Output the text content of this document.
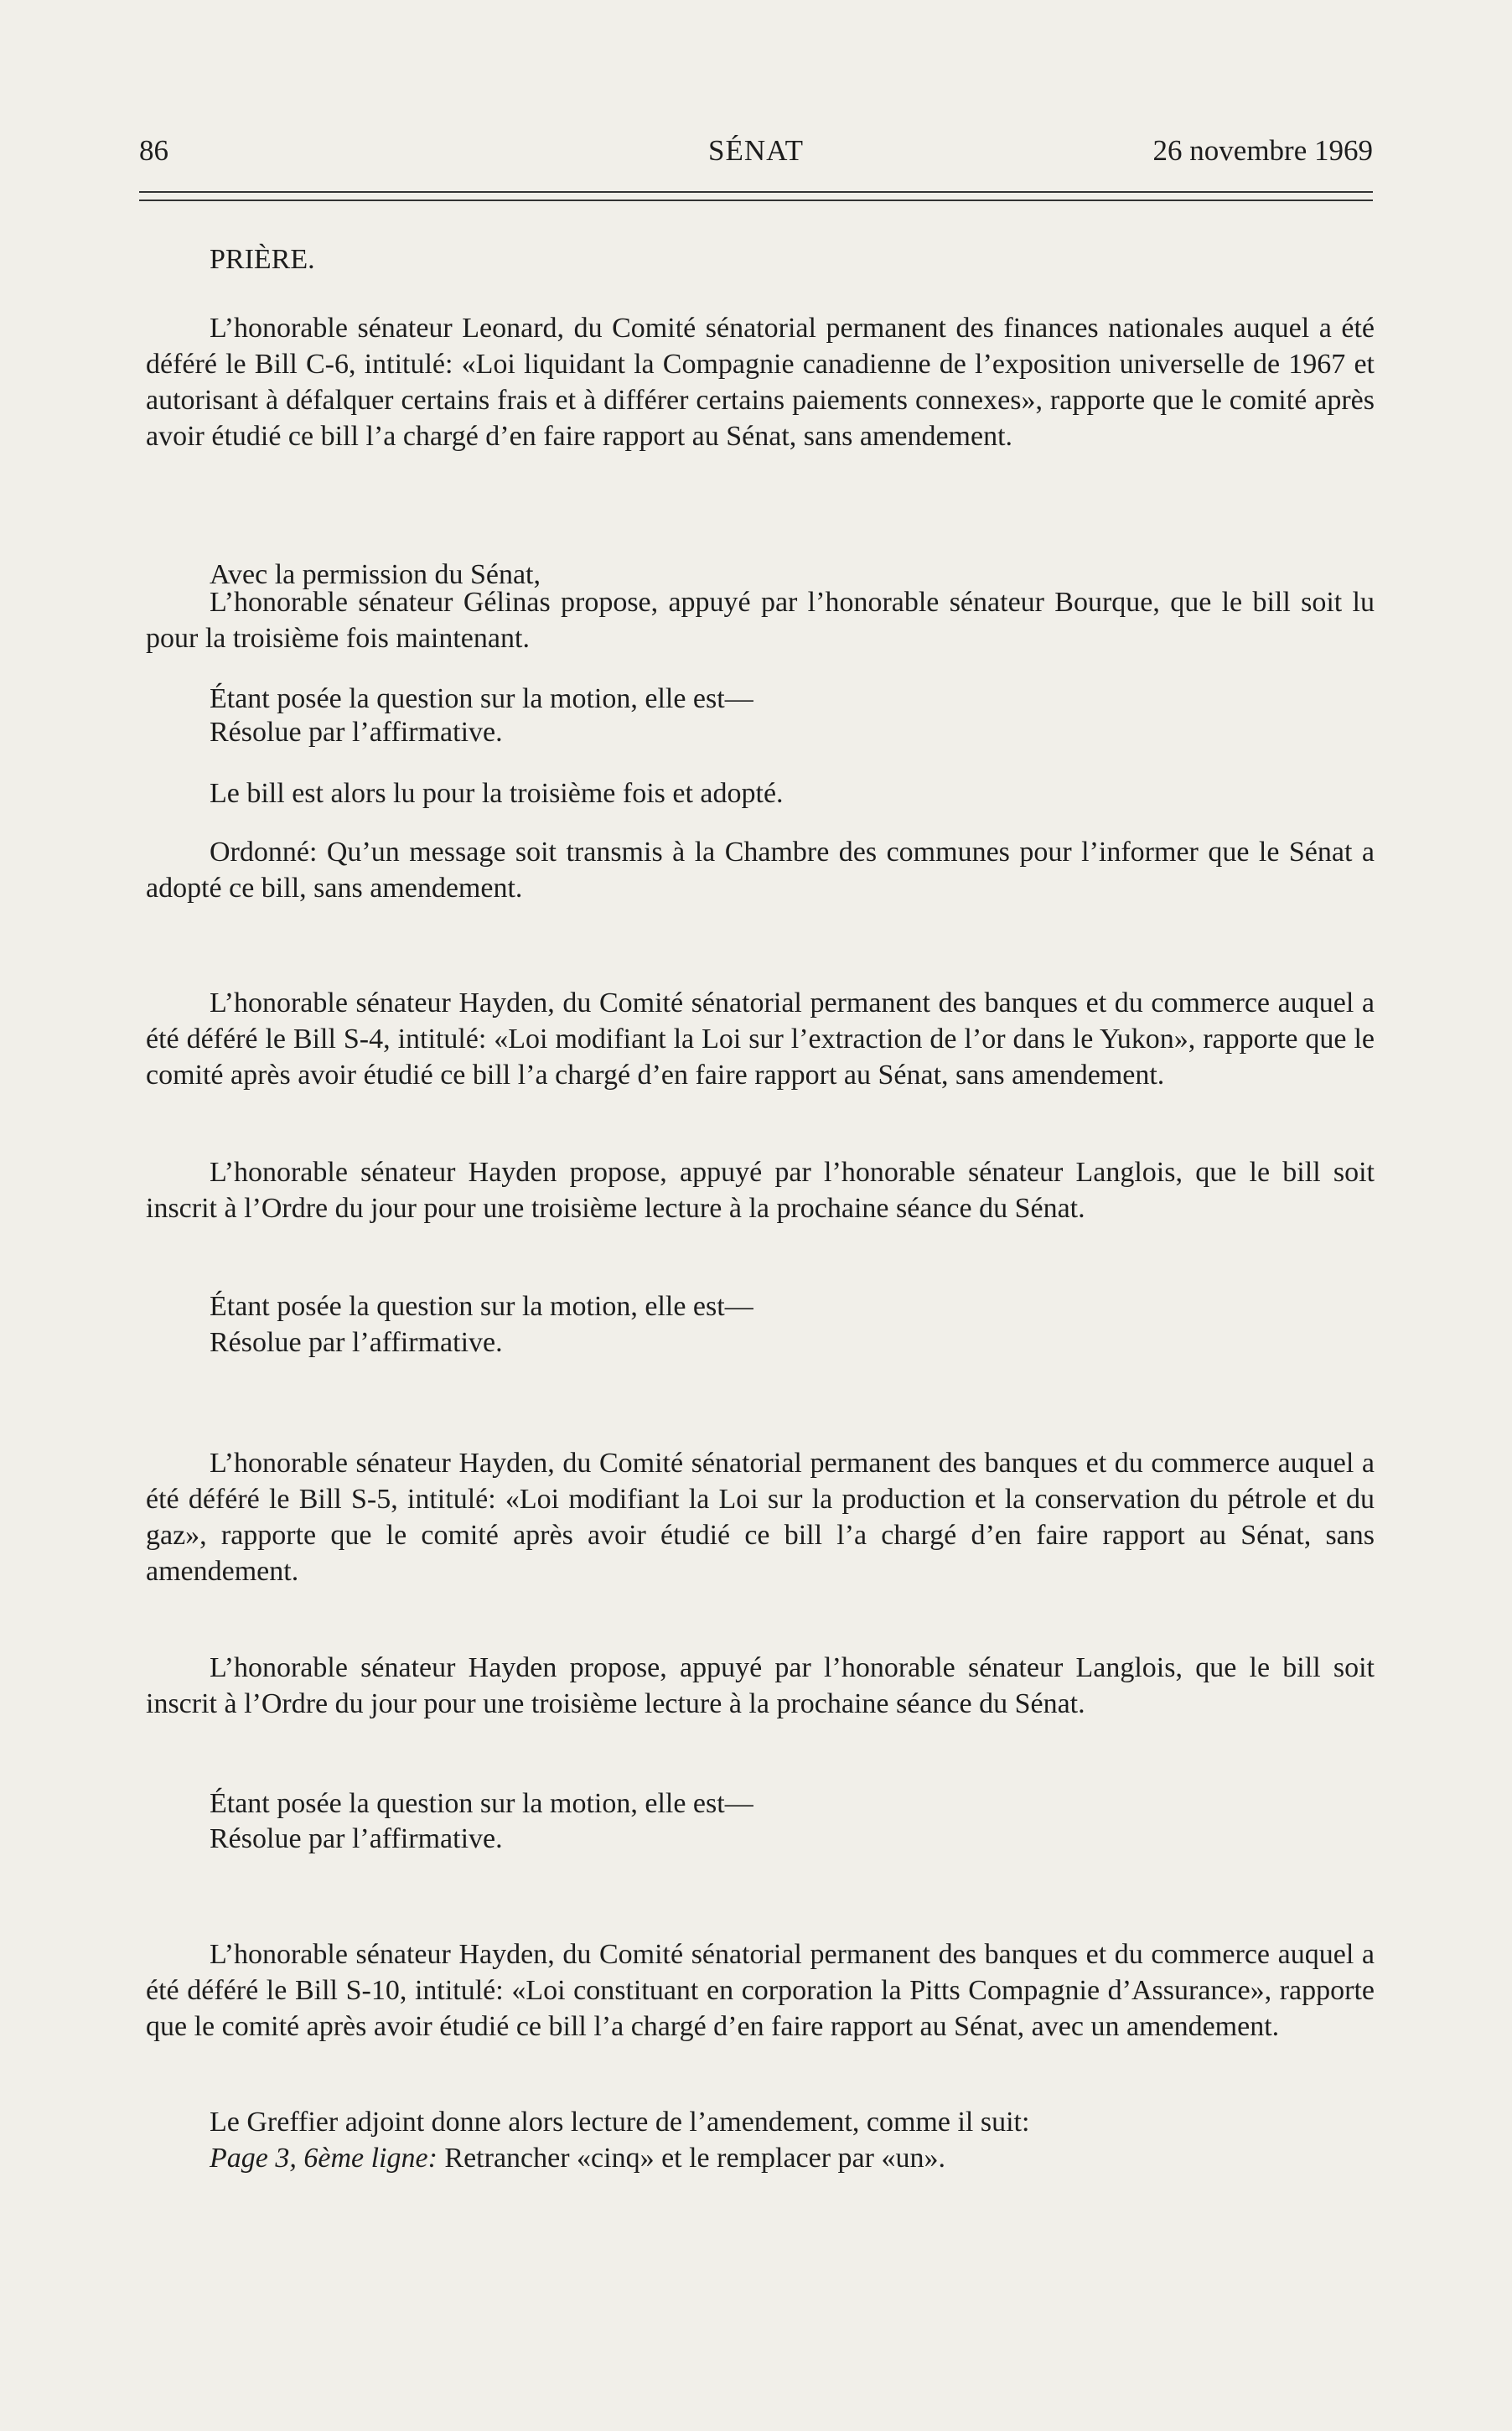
86	SÉNAT	26 novembre 1969
PRIÈRE.
L’honorable sénateur Leonard, du Comité sénatorial permanent des finances nationales auquel a été déféré le Bill C-6, intitulé: «Loi liquidant la Compagnie canadienne de l’exposition universelle de 1967 et autorisant à défalquer certains frais et à différer certains paiements connexes», rapporte que le comité après avoir étudié ce bill l’a chargé d’en faire rapport au Sénat, sans amendement.
Avec la permission du Sénat,
L’honorable sénateur Gélinas propose, appuyé par l’honorable sénateur Bourque, que le bill soit lu pour la troisième fois maintenant.
Étant posée la question sur la motion, elle est—
Résolue par l’affirmative.
Le bill est alors lu pour la troisième fois et adopté.
Ordonné: Qu’un message soit transmis à la Chambre des communes pour l’informer que le Sénat a adopté ce bill, sans amendement.
L’honorable sénateur Hayden, du Comité sénatorial permanent des banques et du commerce auquel a été déféré le Bill S-4, intitulé: «Loi modifiant la Loi sur l’extraction de l’or dans le Yukon», rapporte que le comité après avoir étudié ce bill l’a chargé d’en faire rapport au Sénat, sans amendement.
L’honorable sénateur Hayden propose, appuyé par l’honorable sénateur Langlois, que le bill soit inscrit à l’Ordre du jour pour une troisième lecture à la prochaine séance du Sénat.
Étant posée la question sur la motion, elle est—
Résolue par l’affirmative.
L’honorable sénateur Hayden, du Comité sénatorial permanent des banques et du commerce auquel a été déféré le Bill S-5, intitulé: «Loi modifiant la Loi sur la production et la conservation du pétrole et du gaz», rapporte que le comité après avoir étudié ce bill l’a chargé d’en faire rapport au Sénat, sans amendement.
L’honorable sénateur Hayden propose, appuyé par l’honorable sénateur Langlois, que le bill soit inscrit à l’Ordre du jour pour une troisième lecture à la prochaine séance du Sénat.
Étant posée la question sur la motion, elle est—
Résolue par l’affirmative.
L’honorable sénateur Hayden, du Comité sénatorial permanent des banques et du commerce auquel a été déféré le Bill S-10, intitulé: «Loi constituant en corporation la Pitts Compagnie d’Assurance», rapporte que le comité après avoir étudié ce bill l’a chargé d’en faire rapport au Sénat, avec un amendement.
Le Greffier adjoint donne alors lecture de l’amendement, comme il suit:
Page 3, 6ème ligne: Retrancher «cinq» et le remplacer par «un».
